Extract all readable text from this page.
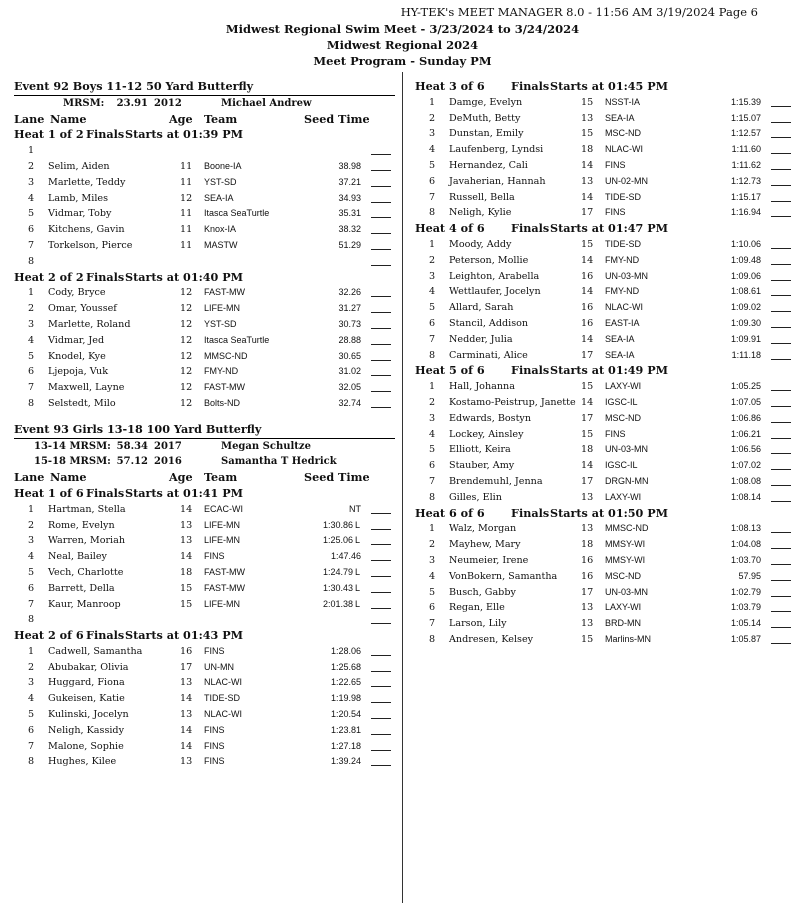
HY-TEK's MEET MANAGER 8.0 - 11:56 AM 3/19/2024 Page 6
Midwest Regional Swim Meet - 3/23/2024 to 3/24/2024
Midwest Regional 2024
Meet Program - Sunday PM
Event 92 Boys 11-12 50 Yard Butterfly
MRSM:	23.91 2012	Michael Andrew
Lane Name	Age Team	Seed Time
Heat 1 of 2 Finals Starts at 01:39 PM
1
2	Selim, Aiden	11 Boone-IA	38.98
3	Marlette, Teddy	11 YST-SD	37.21
4	Lamb, Miles	12 SEA-IA	34.93
5	Vidmar, Toby	11 Itasca SeaTurtle	35.31
6	Kitchens, Gavin	11 Knox-IA	38.32
7	Torkelson, Pierce	11 MASTW	51.29
8
Heat 2 of 2 Finals Starts at 01:40 PM
1	Cody, Bryce	12 FAST-MW	32.26
2	Omar, Youssef	12 LIFE-MN	31.27
3	Marlette, Roland	12 YST-SD	30.73
4	Vidmar, Jed	12 Itasca SeaTurtle	28.88
5	Knodel, Kye	12 MMSC-ND	30.65
6	Ljepoja, Vuk	12 FMY-ND	31.02
7	Maxwell, Layne	12 FAST-MW	32.05
8	Selstedt, Milo	12 Bolts-ND	32.74
Event 93 Girls 13-18 100 Yard Butterfly
13-14 MRSM: 58.34 2017	Megan Schultze
15-18 MRSM: 57.12 2016	Samantha T Hedrick
Lane Name	Age Team	Seed Time
Heat 1 of 6 Finals Starts at 01:41 PM
1	Hartman, Stella	14 ECAC-WI	NT
2	Rome, Evelyn	13 LIFE-MN	1:30.86 L
3	Warren, Moriah	13 LIFE-MN	1:25.06 L
4	Neal, Bailey	14 FINS	1:47.46
5	Vech, Charlotte	18 FAST-MW	1:24.79 L
6	Barrett, Della	15 FAST-MW	1:30.43 L
7	Kaur, Manroop	15 LIFE-MN	2:01.38 L
8
Heat 2 of 6 Finals Starts at 01:43 PM
1	Cadwell, Samantha	16 FINS	1:28.06
2	Abubakar, Olivia	17 UN-MN	1:25.68
3	Huggard, Fiona	13 NLAC-WI	1:22.65
4	Gukeisen, Katie	14 TIDE-SD	1:19.98
5	Kulinski, Jocelyn	13 NLAC-WI	1:20.54
6	Neligh, Kassidy	14 FINS	1:23.81
7	Malone, Sophie	14 FINS	1:27.18
8	Hughes, Kilee	13 FINS	1:39.24
Heat 3 of 6 Finals Starts at 01:45 PM
1	Damge, Evelyn	15 NSST-IA	1:15.39
2	DeMuth, Betty	13 SEA-IA	1:15.07
3	Dunstan, Emily	15 MSC-ND	1:12.57
4	Laufenberg, Lyndsi	18 NLAC-WI	1:11.60
5	Hernandez, Cali	14 FINS	1:11.62
6	Javaherian, Hannah	13 UN-02-MN	1:12.73
7	Russell, Bella	14 TIDE-SD	1:15.17
8	Neligh, Kylie	17 FINS	1:16.94
Heat 4 of 6 Finals Starts at 01:47 PM
1	Moody, Addy	15 TIDE-SD	1:10.06
2	Peterson, Mollie	14 FMY-ND	1:09.48
3	Leighton, Arabella	16 UN-03-MN	1:09.06
4	Wettlaufer, Jocelyn	14 FMY-ND	1:08.61
5	Allard, Sarah	16 NLAC-WI	1:09.02
6	Stancil, Addison	16 EAST-IA	1:09.30
7	Nedder, Julia	14 SEA-IA	1:09.91
8	Carminati, Alice	17 SEA-IA	1:11.18
Heat 5 of 6 Finals Starts at 01:49 PM
1	Hall, Johanna	15 LAXY-WI	1:05.25
2	Kostamo-Peistrup, Janette 14 IGSC-IL	1:07.05
3	Edwards, Bostyn	17 MSC-ND	1:06.86
4	Lockey, Ainsley	15 FINS	1:06.21
5	Elliott, Keira	18 UN-03-MN	1:06.56
6	Stauber, Amy	14 IGSC-IL	1:07.02
7	Brendemuhl, Jenna	17 DRGN-MN	1:08.08
8	Gilles, Elin	13 LAXY-WI	1:08.14
Heat 6 of 6 Finals Starts at 01:50 PM
1	Walz, Morgan	13 MMSC-ND	1:08.13
2	Mayhew, Mary	18 MMSY-WI	1:04.08
3	Neumeier, Irene	16 MMSY-WI	1:03.70
4	VonBokern, Samantha 16 MSC-ND	57.95
5	Busch, Gabby	17 UN-03-MN	1:02.79
6	Regan, Elle	13 LAXY-WI	1:03.79
7	Larson, Lily	13 BRD-MN	1:05.14
8	Andresen, Kelsey	15 Marlins-MN	1:05.87
